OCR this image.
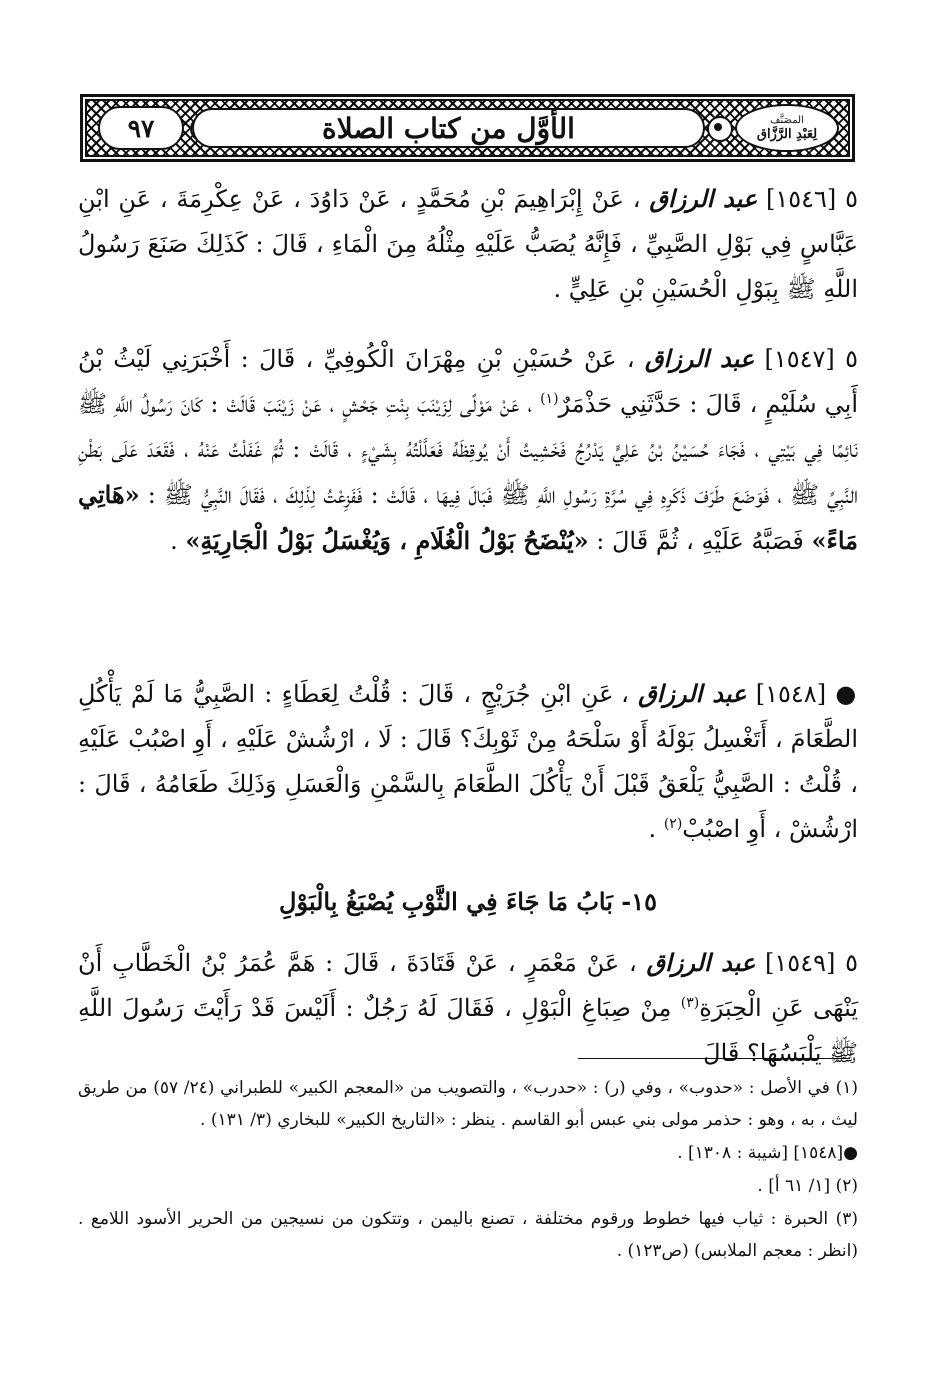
٩٧	الأوَّل من كتاب الصلاة	المصَنَّف
لِعَبْدِ الرَّزَّاق

٥ [١٥٤٦] عبد الرزاق ، عَنْ إِبْرَاهِيمَ بْنِ مُحَمَّدٍ ، عَنْ دَاوُدَ ، عَنْ عِكْرِمَةَ ، عَنِ ابْنِ عَبَّاسٍ فِي بَوْلِ الصَّبِيِّ ، فَإِنَّهُ يُصَبُّ عَلَيْهِ مِثْلُهُ مِنَ الْمَاءِ ، قَالَ : كَذَلِكَ صَنَعَ رَسُولُ اللَّهِ ﷺ بِبَوْلِ الْحُسَيْنِ بْنِ عَلِيٍّ .

٥ [١٥٤٧] عبد الرزاق ، عَنْ حُسَيْنِ بْنِ مِهْرَانَ الْكُوفِيِّ ، قَالَ : أَخْبَرَنِي لَيْثُ بْنُ أَبِي سُلَيْمٍ ، قَالَ : حَدَّثَنِي حَذْمَرٌ$^{(١)}$ ، عَنْ مَوْلًى لِزَيْنَبَ بِنْتِ جَحْشٍ ، عَنْ زَيْنَبَ قَالَتْ : كَانَ رَسُولُ اللَّهِ ﷺ نَائِمًا فِي بَيْتِي ، فَجَاءَ حُسَيْنُ بْنُ عَلِيٍّ يَدْرُجُ فَخَشِيتُ أَنْ يُوقِظَهُ فَعَلَّلْتُهُ بِشَيْءٍ ، قَالَتْ : ثُمَّ غَفَلْتُ عَنْهُ ، فَقَعَدَ عَلَى بَطْنِ النَّبِيِّ ﷺ ، فَوَضَعَ طَرَفَ ذَكَرِهِ فِي سُرَّةِ رَسُولِ اللَّهِ ﷺ فَبَالَ فِيهَا ، قَالَتْ : فَفَزِعْتُ لِذَلِكَ ، فَقَالَ النَّبِيُّ ﷺ : «هَاتِي مَاءً» فَصَبَّهُ عَلَيْهِ ، ثُمَّ قَالَ : «يُنْضَحُ بَوْلُ الْغُلَامِ ، وَيُغْسَلُ بَوْلُ الْجَارِيَةِ» .

● [١٥٤٨] عبد الرزاق ، عَنِ ابْنِ جُرَيْجٍ ، قَالَ : قُلْتُ لِعَطَاءٍ : الصَّبِيُّ مَا لَمْ يَأْكُلِ الطَّعَامَ ، أَتَغْسِلُ بَوْلَهُ أَوْ سَلْحَهُ مِنْ ثَوْبِكَ؟ قَالَ : لَا ، ارْشُشْ عَلَيْهِ ، أَوِ اصْبُبْ عَلَيْهِ ، قُلْتُ : الصَّبِيُّ يَلْعَقُ قَبْلَ أَنْ يَأْكُلَ الطَّعَامَ بِالسَّمْنِ وَالْعَسَلِ وَذَلِكَ طَعَامُهُ ، قَالَ : ارْشُشْ ، أَوِ اصْبُبْ$^{(٢)}$ .

١٥- بَابُ مَا جَاءَ فِي الثَّوْبِ يُصْبَغُ بِالْبَوْلِ

٥ [١٥٤٩] عبد الرزاق ، عَنْ مَعْمَرٍ ، عَنْ قَتَادَةَ ، قَالَ : هَمَّ عُمَرُ بْنُ الْخَطَّابِ أَنْ يَنْهَى عَنِ الْحِبَرَةِ$^{(٣)}$ مِنْ صِبَاغِ الْبَوْلِ ، فَقَالَ لَهُ رَجُلٌ : أَلَيْسَ قَدْ رَأَيْتَ رَسُولَ اللَّهِ ﷺ يَلْبَسُهَا؟ قَالَ

(١) في الأصل : «حدوب» ، وفي (ر) : «حدرب» ، والتصويب من «المعجم الكبير» للطبراني (٢٤/ ٥٧) من طريق ليث ، به ، وهو : حذمر مولى بني عبس أبو القاسم . ينظر : «التاريخ الكبير» للبخاري (٣/ ١٣١) .

●[١٥٤٨] [شيبة : ١٣٠٨] .

(٢) [١/ ٦١ أ] .

(٣) الحبرة : ثياب فيها خطوط ورقوم مختلفة ، تصنع باليمن ، وتتكون من نسيجين من الحرير الأسود اللامع . (انظر : معجم الملابس) (ص١٢٣) .
